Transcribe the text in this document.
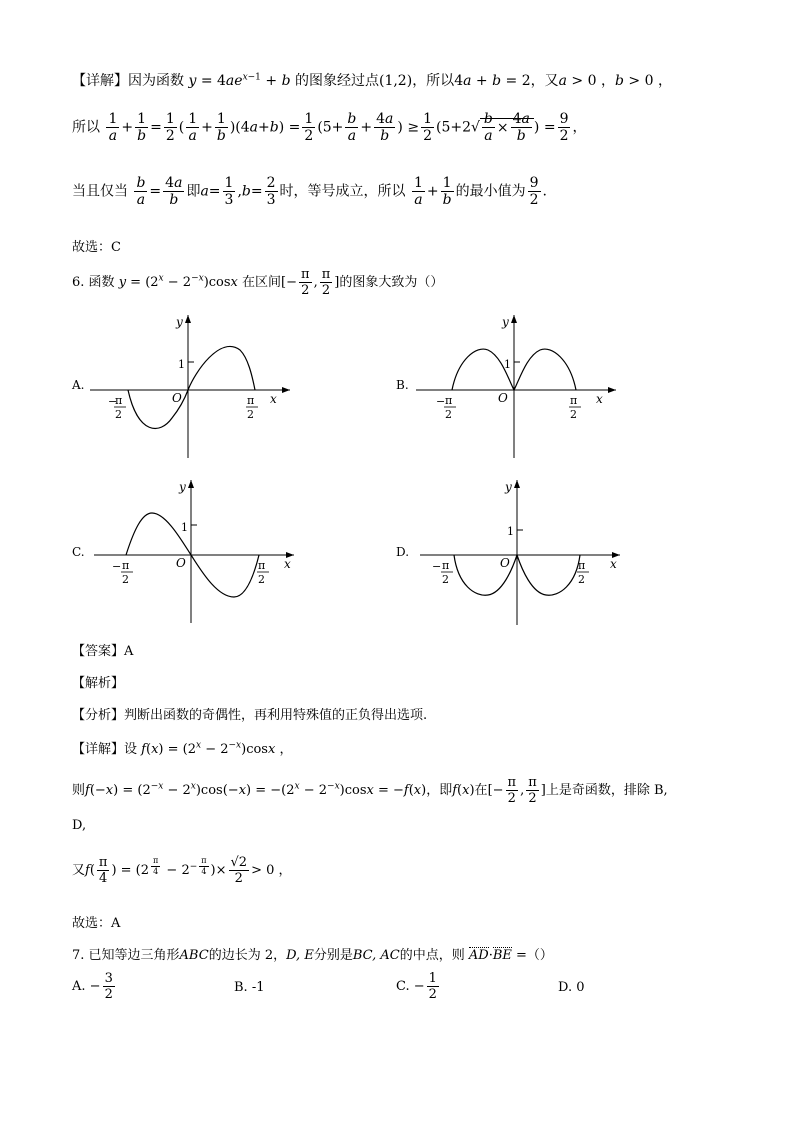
【详解】因为函数 $y = 4ae^{x-1} + b$ 的图象经过点(1,2)，所以4a + b = 2，又a > 0 ，b > 0 ，
所以 $\frac{1}{a} + \frac{1}{b} = \frac{1}{2}$ ( $\frac{1}{a} + \frac{1}{b} )(4a+b) = \frac{1}{2} (5+ \frac{b}{a} + \frac{4a}{b}$ ) ≥ $\frac{1}{2} (5+2√ \frac{b}{a} \times \frac{4a}{b}$ ) = $\frac{9}{2}$ ，
当且仅当 $\frac{b}{a} = \frac{4a}{b}$ 即$a= \frac{1}{3} ,b= \frac{2}{3}$ 时，等号成立，所以 $\frac{1}{a} + \frac{1}{b}$ 的最小值为 $\frac{9}{2}$ .
故选：C
6. 函数 $y = (2^x - 2^{-x})\cos x$ 在区间[− $\frac{\pi}{2}$ , $\frac{\pi}{2}$ ]的图象大致为（）
A.
x
y
O
1
−
π
2
π
2
B.
x
y
O
1
− π
2
π
2
C.
x
y
O
1
− π
2
π
2
D.
x
y
O
1
− π
2
π
2
【答案】A
【解析】
【分析】判断出函数的奇偶性，再利用特殊值的正负得出选项.
【详解】设 $f(x) = (2^x - 2^{-x})\cos x$ ，
则$f(-x) = (2^{-x} - 2^x)\cos(-x) = -(2^x - 2^{-x})\cos x = -f(x)$，即f(x)在[− $\frac{\pi}{2}$ , $\frac{\pi}{2}$ ]上是奇函数，排除 B,
D,
又$f( \frac{\pi}{4}$ ) = (2 $^{\frac{\pi}{4}} - 2^{- \frac{\pi}{4}}$ )× $\frac{√2}{2} > 0$ ，
故选：A
7. 已知等边三角形ABC的边长为 2，D, E分别是BC, AC的中点，则 AD·BE =（）
A. − $\frac{3}{2}$	B. -1	C. − $\frac{1}{2}$	D. 0
